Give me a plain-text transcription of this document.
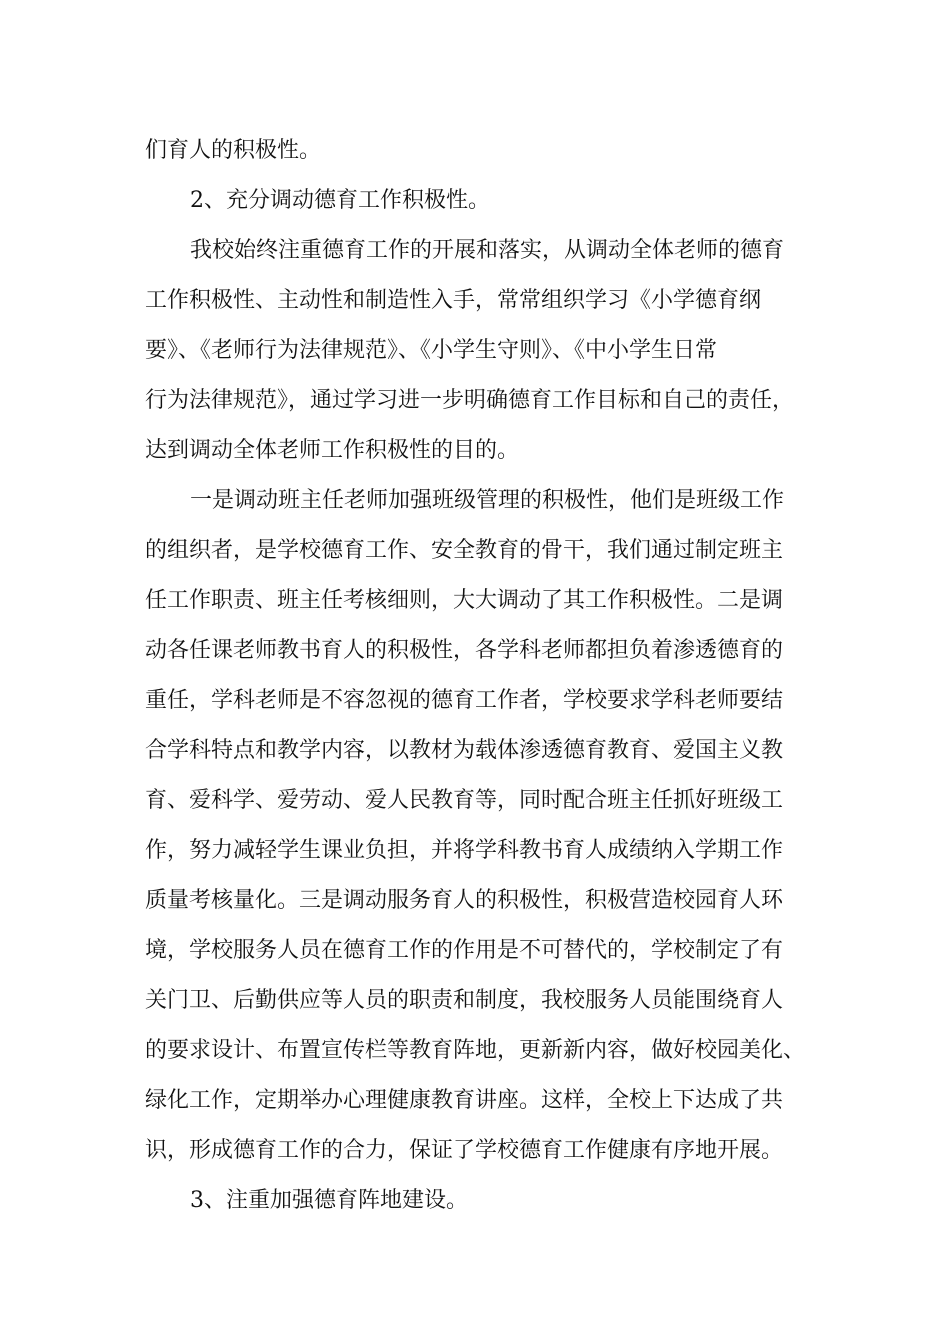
们育人的积极性。
2、充分调动德育工作积极性。
我校始终注重德育工作的开展和落实，从调动全体老师的德育
工作积极性、主动性和制造性入手，常常组织学习《小学德育纲
要》、《老师行为法律规范》、《小学生守则》、《中小学生日常
行为法律规范》，通过学习进一步明确德育工作目标和自己的责任，
达到调动全体老师工作积极性的目的。
一是调动班主任老师加强班级管理的积极性，他们是班级工作
的组织者，是学校德育工作、安全教育的骨干，我们通过制定班主
任工作职责、班主任考核细则，大大调动了其工作积极性。二是调
动各任课老师教书育人的积极性，各学科老师都担负着渗透德育的
重任，学科老师是不容忽视的德育工作者，学校要求学科老师要结
合学科特点和教学内容，以教材为载体渗透德育教育、爱国主义教
育、爱科学、爱劳动、爱人民教育等，同时配合班主任抓好班级工
作，努力减轻学生课业负担，并将学科教书育人成绩纳入学期工作
质量考核量化。三是调动服务育人的积极性，积极营造校园育人环
境，学校服务人员在德育工作的作用是不可替代的，学校制定了有
关门卫、后勤供应等人员的职责和制度，我校服务人员能围绕育人
的要求设计、布置宣传栏等教育阵地，更新新内容，做好校园美化、
绿化工作，定期举办心理健康教育讲座。这样，全校上下达成了共
识，形成德育工作的合力，保证了学校德育工作健康有序地开展。
3、注重加强德育阵地建设。
